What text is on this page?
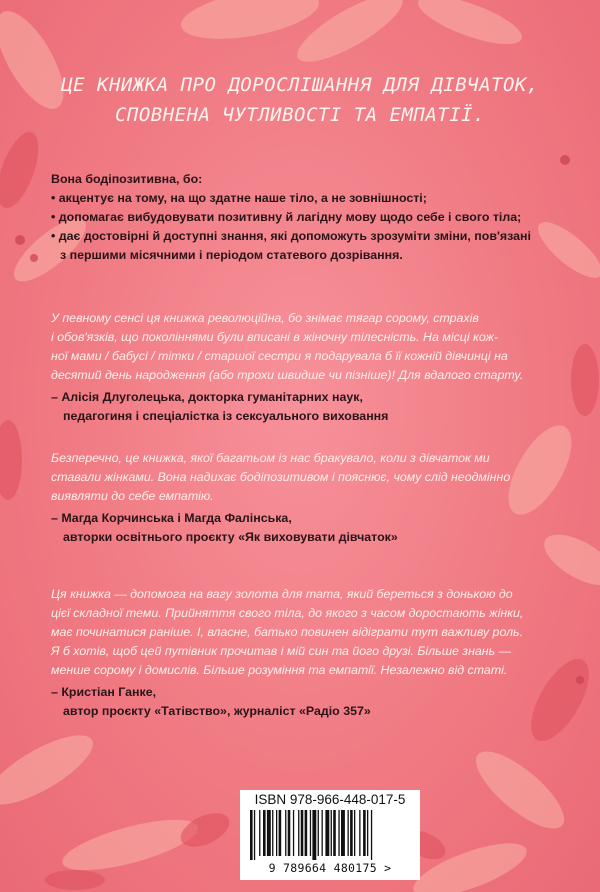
ЦЕ КНИЖКА ПРО ДОРОСЛІШАННЯ ДЛЯ ДІВЧАТОК,
СПОВНЕНА ЧУТЛИВОСТІ ТА ЕМПАТІЇ.
Вона бодіпозитивна, бо:
• акцентує на тому, на що здатне наше тіло, а не зовнішності;
• допомагає вибудовувати позитивну й лагідну мову щодо себе і свого тіла;
• дає достовірні й доступні знання, які допоможуть зрозуміти зміни, пов'язані
з першими місячними і періодом статевого дозрівання.
У певному сенсі ця книжка революційна, бо знімає тягар сорому, страхів
і обов'язків, що поколіннями були вписані в жіночну тілесність. На місці кож-
ної мами / бабусі / тітки / старшої сестри я подарувала б її кожній дівчинці на
десятий день народження (або трохи швидше чи пізніше)! Для вдалого старту.
– Алісія Длуголецька, докторка гуманітарних наук,
педагогиня і спеціалістка із сексуального виховання
Безперечно, це книжка, якої багатьом із нас бракувало, коли з дівчаток ми
ставали жінками. Вона надихає бодіпозитивом і пояснює, чому слід неодмінно
виявляти до себе емпатію.
– Магда Корчинська і Магда Фалінська,
авторки освітнього проєкту «Як виховувати дівчаток»
Ця книжка — допомога на вагу золота для тата, який береться з донькою до
цієї складної теми. Прийняття свого тіла, до якого з часом доростають жінки,
має починатися раніше. І, власне, батько повинен відіграти тут важливу роль.
Я б хотів, щоб цей путівник прочитав і мій син та його друзі. Більше знань —
менше сорому і домислів. Більше розуміння та емпатії. Незалежно від статі.
– Кристіан Ганке,
автор проєкту «Татівство», журналіст «Радіо 357»
ISBN 978-966-448-017-5
9 789664 480175 >
